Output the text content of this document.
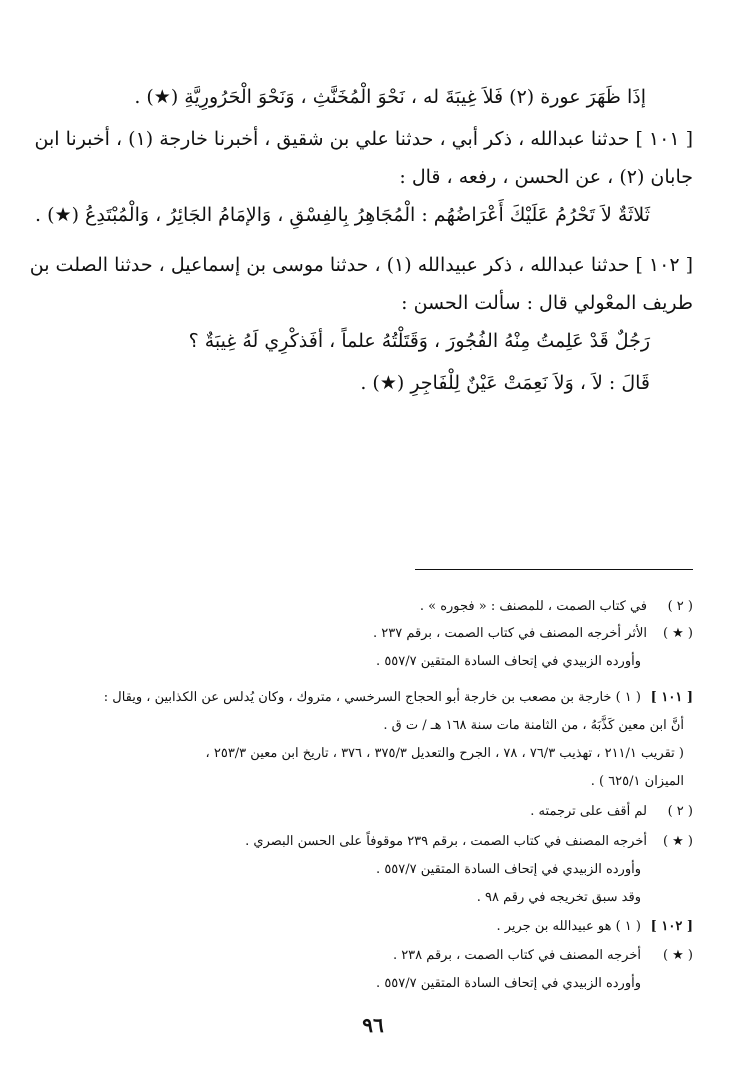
إذَا ظَهَرَ عورة (٢) فَلاَ غِيبَةَ له ، نَحْوَ الْمُخَنَّثِ ، وَنَحْوَ الْحَرُورِيَّةِ (★) .
[ ١٠١ ] حدثنا عبدالله ، ذكر أبي ، حدثنا علي بن شقيق ، أخبرنا خارجة (١) ، أخبرنا ابن
جابان (٢) ، عن الحسن ، رفعه ، قال :
ثَلاثَةٌ لاَ تَحْرُمُ عَلَيْكَ أَعْرَاضُهُم : الْمُجَاهِرُ بِالفِسْقِ ، وَالإمَامُ الجَائِرُ ، وَالْمُبْتَدِعُ (★) .
[ ١٠٢ ] حدثنا عبدالله ، ذكر عبيدالله (١) ، حدثنا موسى بن إسماعيل ، حدثنا الصلت بن
طريف المعْولي قال : سألت الحسن :
رَجُلٌ قَدْ عَلِمتُ مِنْهُ الفُجُورَ ، وَقَتَلْتُهُ علماً ، أفَذكْرِي لَهُ غِيبَةٌ ؟
قَالَ : لاَ ، وَلاَ نَعِمَتْ عَيْنٌ لِلْفَاجِرِ (★) .
( ٢ )في كتاب الصمت ، للمصنف : « فجوره » .
( ★ )الأثر أخرجه المصنف في كتاب الصمت ، برقم ٢٣٧ .
وأورده الزبيدي في إتحاف السادة المتقين ٥٥٧/٧ .
[ ١٠١ ]( ١ ) خارجة بن مصعب بن خارجة أبو الحجاج السرخسي ، متروك ، وكان يُدلس عن الكذابين ، ويقال :
أنَّ ابن معين كَذَّبَهُ ، من الثامنة مات سنة ١٦٨ هـ / ت ق .
( تقريب ٢١١/١ ، تهذيب ٧٦/٣ ، ٧٨ ، الجرح والتعديل ٣٧٥/٣ ، ٣٧٦ ، تاريخ ابن معين ٢٥٣/٣ ،
الميزان ٦٢٥/١ ) .
( ٢ )لم أقف على ترجمته .
( ★ )أخرجه المصنف في كتاب الصمت ، برقم ٢٣٩ موقوفاً على الحسن البصري .
وأورده الزبيدي في إتحاف السادة المتقين ٥٥٧/٧ .
وقد سبق تخريجه في رقم ٩٨ .
[ ١٠٢ ]( ١ ) هو عبيدالله بن جرير .
( ★ )أخرجه المصنف في كتاب الصمت ، برقم ٢٣٨ .
وأورده الزبيدي في إتحاف السادة المتقين ٥٥٧/٧ .
٩٦
